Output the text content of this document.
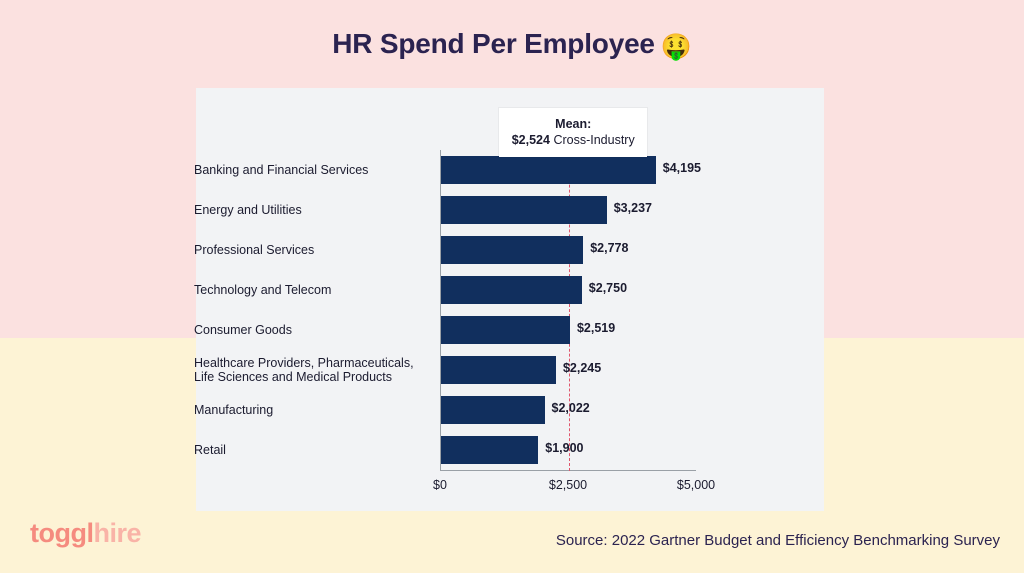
HR Spend Per Employee 🤑
Banking and Financial Services
Energy and Utilities
Professional Services
Technology and Telecom
Consumer Goods
Healthcare Providers, Pharmaceuticals, Life Sciences and Medical Products
Manufacturing
Retail
$4,195
$3,237
$2,778
$2,750
$2,519
$2,245
$2,022
$1,900
$0	$2,500	$5,000
Mean:
$2,524 Cross-Industry
togglhire	Source: 2022 Gartner Budget and Efficiency Benchmarking Survey
